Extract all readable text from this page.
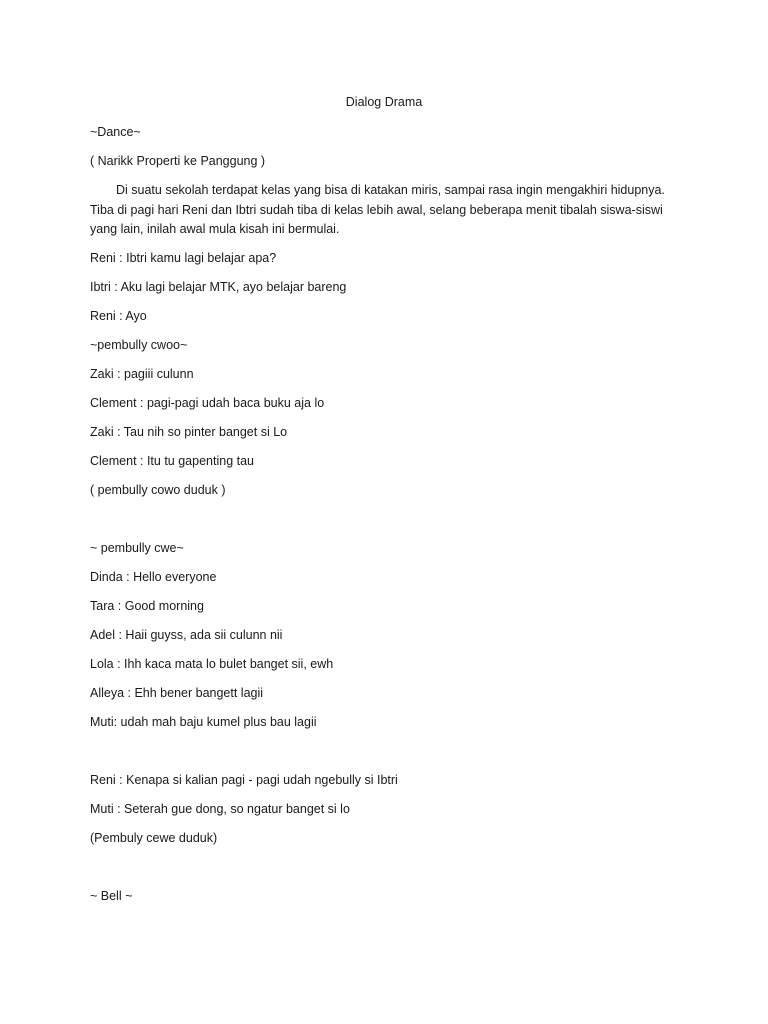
Dialog Drama
~Dance~
( Narikk Properti ke Panggung )
Di suatu sekolah terdapat kelas yang bisa di katakan miris, sampai rasa ingin mengakhiri hidupnya. Tiba di pagi hari Reni dan Ibtri sudah tiba di kelas lebih awal, selang beberapa menit tibalah siswa-siswi yang lain, inilah awal mula kisah ini bermulai.
Reni : Ibtri kamu lagi belajar apa?
Ibtri : Aku lagi belajar MTK, ayo belajar bareng
Reni : Ayo
~pembully cwoo~
Zaki : pagiii culunn
Clement : pagi-pagi udah baca buku aja lo
Zaki : Tau nih so pinter banget si Lo
Clement : Itu tu gapenting tau
( pembully cowo duduk )
~ pembully cwe~
Dinda : Hello everyone
Tara : Good morning
Adel : Haii guyss, ada sii culunn nii
Lola : Ihh kaca mata lo bulet banget sii, ewh
Alleya : Ehh bener bangett lagii
Muti: udah mah baju kumel plus bau lagii
Reni : Kenapa si kalian pagi - pagi udah ngebully si Ibtri
Muti : Seterah gue dong, so ngatur banget si lo
(Pembuly cewe duduk)
~ Bell ~
